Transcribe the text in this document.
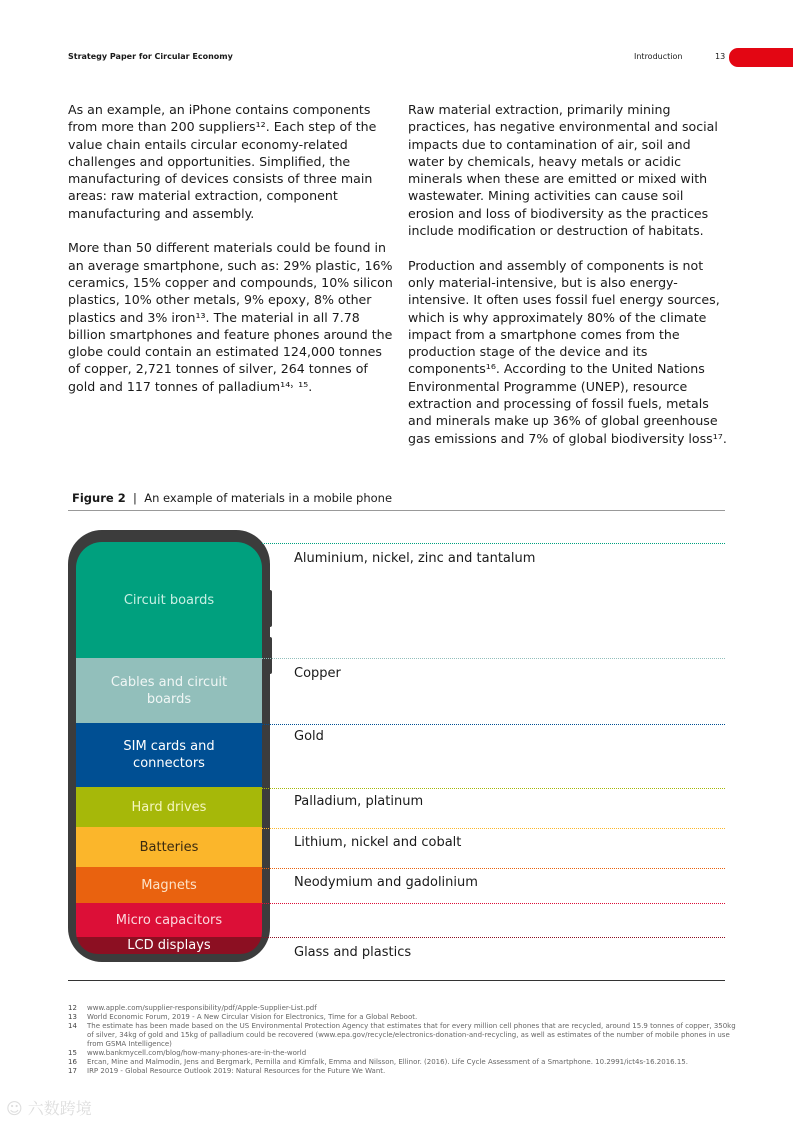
Strategy Paper for Circular Economy	Introduction	13

As an example, an iPhone contains components from more than 200 suppliers¹². Each step of the value chain entails circular economy-related challenges and opportunities. Simplified, the manufacturing of devices consists of three main areas: raw material extraction, component manufacturing and assembly.

More than 50 different materials could be found in an average smartphone, such as: 29% plastic, 16% ceramics, 15% copper and compounds, 10% silicon plastics, 10% other metals, 9% epoxy, 8% other plastics and 3% iron¹³. The material in all 7.78 billion smartphones and feature phones around the globe could contain an estimated 124,000 tonnes of copper, 2,721 tonnes of silver, 264 tonnes of gold and 117 tonnes of palladium¹⁴˒ ¹⁵.

Raw material extraction, primarily mining practices, has negative environmental and social impacts due to contamination of air, soil and water by chemicals, heavy metals or acidic minerals when these are emitted or mixed with wastewater. Mining activities can cause soil erosion and loss of biodiversity as the practices include modification or destruction of habitats.

Production and assembly of components is not only material-intensive, but is also energy-intensive. It often uses fossil fuel energy sources, which is why approximately 80% of the climate impact from a smartphone comes from the production stage of the device and its components¹⁶. According to the United Nations Environmental Programme (UNEP), resource extraction and processing of fossil fuels, metals and minerals make up 36% of global greenhouse gas emissions and 7% of global biodiversity loss¹⁷.

Figure 2 | An example of materials in a mobile phone
Circuit boards
Cables and circuit boards
SIM cards and connectors
Hard drives
Batteries
Magnets
Micro capacitors
LCD displays
12	www.apple.com/supplier-responsibility/pdf/Apple-Supplier-List.pdf
13	World Economic Forum, 2019 - A New Circular Vision for Electronics, Time for a Global Reboot.
14	The estimate has been made based on the US Environmental Protection Agency that estimates that for every million cell phones that are recycled, around 15.9 tonnes of copper, 350kg of silver, 34kg of gold and 15kg of palladium could be recovered (www.epa.gov/recycle/electronics-donation-and-recycling, as well as estimates of the number of mobile phones in use from GSMA Intelligence)
15	www.bankmycell.com/blog/how-many-phones-are-in-the-world
16	Ercan, Mine and Malmodin, Jens and Bergmark, Pernilla and Kimfalk, Emma and Nilsson, Ellinor. (2016). Life Cycle Assessment of a Smartphone. 10.2991/ict4s-16.2016.15.
17	IRP 2019 - Global Resource Outlook 2019: Natural Resources for the Future We Want.
☺ 六数跨境
Aluminium, nickel, zinc and tantalum
Copper
Gold
Palladium, platinum
Lithium, nickel and cobalt
Neodymium and gadolinium
Glass and plastics
